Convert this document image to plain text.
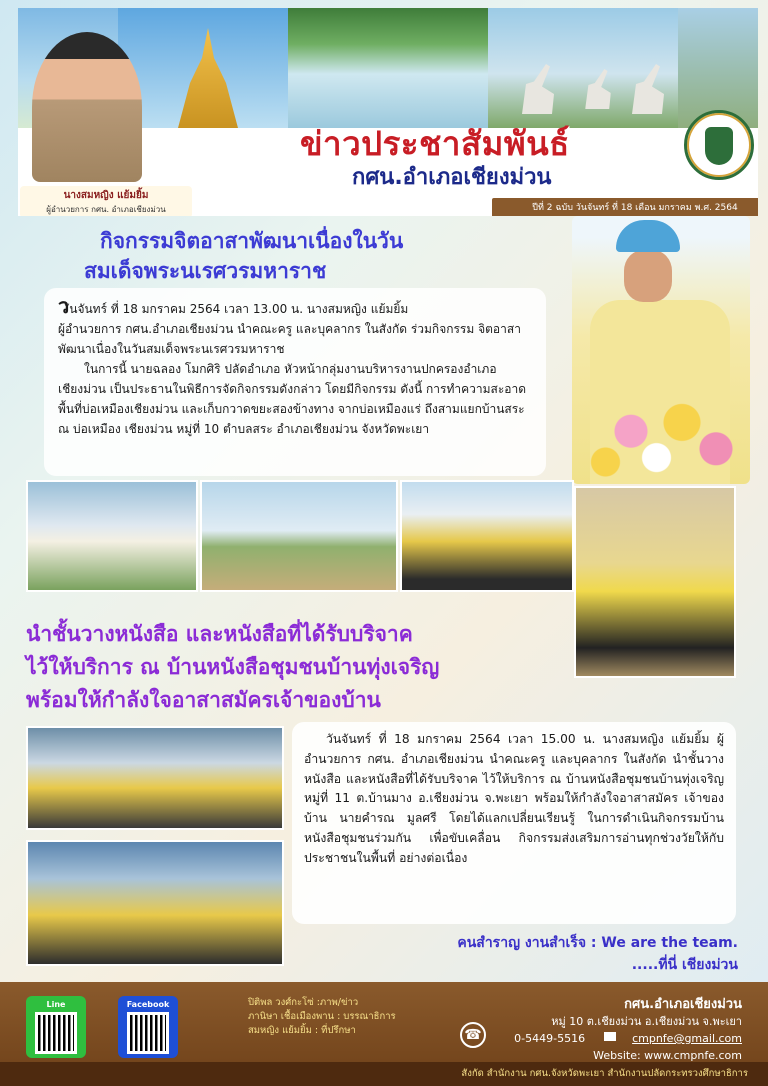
นางสมหญิง แย้มยิ้ม
ผู้อำนวยการ กศน. อำเภอเชียงม่วน
ข่าวประชาสัมพันธ์
กศน.อำเภอเชียงม่วน
ปีที่ 2 ฉบับ วันจันทร์ ที่ 18 เดือน มกราคม พ.ศ. 2564
กิจกรรมจิตอาสาพัฒนาเนื่องในวัน
สมเด็จพระนเรศวรมหาราช

วันจันทร์ ที่ 18 มกราคม 2564 เวลา 13.00 น. นางสมหญิง แย้มยิ้ม
ผู้อำนวยการ กศน.อำเภอเชียงม่วน นำคณะครู และบุคลากร ในสังกัด ร่วมกิจกรรม จิตอาสาพัฒนาเนื่องในวันสมเด็จพระนเรศวรมหาราช

ในการนี้ นายฉลอง โมกศิริ ปลัดอำเภอ หัวหน้ากลุ่มงานบริหารงานปกครองอำเภอเชียงม่วน เป็นประธานในพิธีการจัดกิจกรรมดังกล่าว โดยมีกิจกรรม ดังนี้ การทำความสะอาดพื้นที่บ่อเหมืองเชียงม่วน และเก็บกวาดขยะสองข้างทาง จากบ่อเหมืองแร่ ถึงสามแยกบ้านสระ ณ บ่อเหมือง เชียงม่วน หมู่ที่ 10 ตำบลสระ อำเภอเชียงม่วน จังหวัดพะเยา

นำชั้นวางหนังสือ และหนังสือที่ได้รับบริจาค
ไว้ให้บริการ ณ บ้านหนังสือชุมชนบ้านทุ่งเจริญ
พร้อมให้กำลังใจอาสาสมัครเจ้าของบ้าน

วันจันทร์ ที่ 18 มกราคม 2564 เวลา 15.00 น. นางสมหญิง แย้มยิ้ม ผู้อำนวยการ กศน. อำเภอเชียงม่วน นำคณะครู และบุคลากร ในสังกัด นำชั้นวางหนังสือ และหนังสือที่ได้รับบริจาค ไว้ให้บริการ ณ บ้านหนังสือชุมชนบ้านทุ่งเจริญ หมู่ที่ 11 ต.บ้านมาง อ.เชียงม่วน จ.พะเยา พร้อมให้กำลังใจอาสาสมัคร เจ้าของบ้าน นายคำรณ มูลศรี โดยได้แลกเปลี่ยนเรียนรู้ ในการดำเนินกิจกรรมบ้านหนังสือชุมชนร่วมกัน เพื่อขับเคลื่อน กิจกรรมส่งเสริมการอ่านทุกช่วงวัยให้กับประชาชนในพื้นที่ อย่างต่อเนื่อง

คนสำราญ งานสำเร็จ : We are the team.
.....ที่นี่ เชียงม่วน
Line	Facebook	ปิติพล วงศ์กะโซ่ :ภาพ/ข่าว
ภานิษา เชื้อเมืองพาน : บรรณาธิการ
สมหญิง แย้มยิ้ม : ที่ปรึกษา	☎
กศน.อำเภอเชียงม่วน
หมู่ 10 ต.เชียงม่วน อ.เชียงม่วน จ.พะเยา
0-5449-5516	cmpnfe@gmail.com
Website: www.cmpnfe.com
สังกัด สำนักงาน กศน.จังหวัดพะเยา สำนักงานปลัดกระทรวงศึกษาธิการ
